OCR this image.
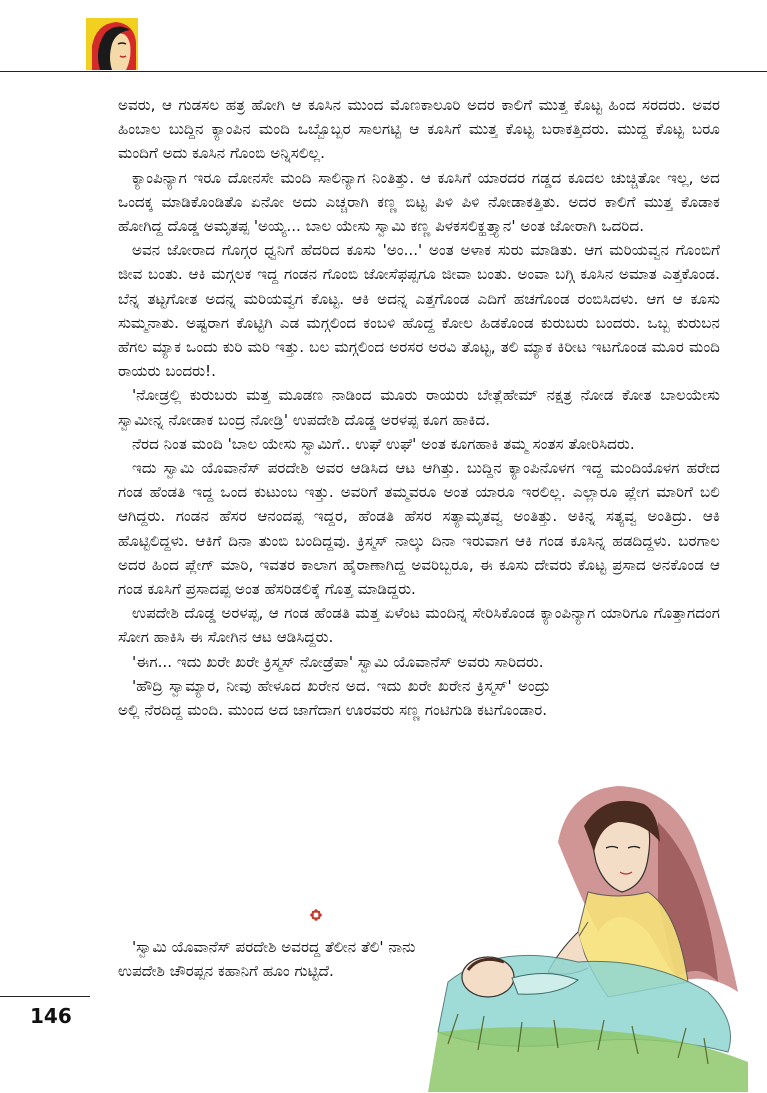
ಅವರು, ಆ ಗುಡಸಲ ಹತ್ರ ಹೋಗಿ ಆ ಕೂಸಿನ ಮುಂದ ಮೊಣಕಾಲೂರಿ ಅದರ ಕಾಲಿಗೆ ಮುತ್ತ ಕೊಟ್ಟ ಹಿಂದ ಸರದರು. ಅವರ ಹಿಂಬಾಲ ಬುದ್ದಿನ ಕ್ಯಾಂಪಿನ ಮಂದಿ ಒಬ್ಬೊಬ್ಬರ ಸಾಲಗಟ್ಟಿ ಆ ಕೂಸಿಗೆ ಮುತ್ತ ಕೊಟ್ಟ ಬರಾಕತ್ತಿದರು. ಮುದ್ದ ಕೊಟ್ಟ ಬರೂ ಮಂದಿಗೆ ಅದು ಕೂಸಿನ ಗೊಂಬಿ ಅನ್ನಿಸಲಿಲ್ಲ.

ಕ್ಯಾಂಪಿನ್ಯಾಗ ಇರೂ ದೋನಸೇ ಮಂದಿ ಸಾಲಿನ್ಯಾಗ ನಿಂತಿತ್ತು. ಆ ಕೂಸಿಗೆ ಯಾರದರ ಗಡ್ಡದ ಕೂದಲ ಚುಚ್ಚಿತೋ ಇಲ್ಲ, ಅದ ಒಂದಕ್ಕ ಮಾಡಿಕೊಂಡಿತೊ ಏನೋ ಅದು ಎಚ್ಚರಾಗಿ ಕಣ್ಣ ಬಿಟ್ಟ ಪಿಳಿ ಪಿಳಿ ನೋಡಾಕತ್ತಿತು. ಅದರ ಕಾಲಿಗೆ ಮುತ್ತ ಕೊಡಾಕ ಹೋಗಿದ್ದ ದೊಡ್ಡ ಅಮೃತಪ್ಪ 'ಅಯ್ಯ... ಬಾಲ ಯೇಸು ಸ್ವಾಮಿ ಕಣ್ಣ ಪಿಳಕಸಲಿಕ್ಹತ್ತ್ಯಾನ' ಅಂತ ಜೋರಾಗಿ ಒದರಿದ.

ಅವನ ಜೋರಾದ ಗೊಗ್ಗರ ಧ್ವನಿಗೆ ಹೆದರಿದ ಕೂಸು 'ಅಂ...' ಅಂತ ಅಳಾಕ ಸುರು ಮಾಡಿತು. ಆಗ ಮರಿಯವ್ವನ ಗೊಂಬಿಗೆ ಜೀವ ಬಂತು. ಆಕಿ ಮಗ್ಗಲಕ ಇದ್ದ ಗಂಡನ ಗೊಂಬಿ ಜೋಸೆಫಪ್ಪಗೂ ಜೀವಾ ಬಂತು. ಅಂವಾ ಬಗ್ಗಿ ಕೂಸಿನ ಅಮಾತ ಎತ್ತಕೊಂಡ. ಬೆನ್ನ ತಟ್ಟಗೋತ ಅದನ್ನ ಮರಿಯವ್ವಗ ಕೊಟ್ಟ. ಆಕಿ ಅದನ್ನ ಎತ್ತಗೊಂಡ ಎದಿಗೆ ಹಚಗೊಂಡ ರಂಬಿಸಿದಳು. ಆಗ ಆ ಕೂಸು ಸುಮ್ಮನಾತು. ಅಷ್ಟರಾಗ ಕೊಟ್ಟಿಗಿ ಎಡ ಮಗ್ಗಲಿಂದ ಕಂಬಳಿ ಹೊದ್ದ ಕೋಲ ಹಿಡಕೊಂಡ ಕುರುಬರು ಬಂದರು. ಒಬ್ಬ ಕುರುಬನ ಹೆಗಲ ಮ್ಯಾಕ ಒಂದು ಕುರಿ ಮರಿ ಇತ್ತು. ಬಲ ಮಗ್ಗಲಿಂದ ಅರಸರ ಅರವಿ ತೊಟ್ಟ, ತಲಿ ಮ್ಯಾಕ ಕಿರೀಟ ಇಟಗೊಂಡ ಮೂರ ಮಂದಿ ರಾಯರು ಬಂದರು!.

'ನೋಡ್ರಲ್ಲಿ ಕುರುಬರು ಮತ್ತ ಮೂಡಣ ನಾಡಿಂದ ಮೂರು ರಾಯರು ಬೇತ್ಲೆಹೇಮ್ ನಕ್ಷತ್ರ ನೋಡ ಕೋತ ಬಾಲಯೇಸು ಸ್ವಾಮೀನ್ನ ನೋಡಾಕ ಬಂದ್ರ ನೋಡ್ರಿ' ಉಪದೇಶಿ ದೊಡ್ಡ ಅರಳಪ್ಪ ಕೂಗ ಹಾಕಿದ.

ನೆರದ ನಿಂತ ಮಂದಿ 'ಬಾಲ ಯೇಸು ಸ್ವಾಮಿಗೆ.. ಉಘೆ ಉಘೆ' ಅಂತ ಕೂಗಹಾಕಿ ತಮ್ಮ ಸಂತಸ ತೋರಿಸಿದರು.

ಇದು ಸ್ವಾಮಿ ಯೊವಾನೆಸ್ ಪರದೇಶಿ ಅವರ ಆಡಿಸಿದ ಆಟ ಆಗಿತ್ತು. ಬುದ್ದಿನ ಕ್ಯಾಂಪಿನೊಳಗ ಇದ್ದ ಮಂದಿಯೊಳಗ ಹರೇದ ಗಂಡ ಹೆಂಡತಿ ಇದ್ದ ಒಂದ ಕುಟುಂಬ ಇತ್ತು. ಅವರಿಗೆ ತಮ್ಮವರೂ ಅಂತ ಯಾರೂ ಇರಲಿಲ್ಲ. ಎಲ್ಲಾರೂ ಪ್ಲೇಗ ಮಾರಿಗೆ ಬಲಿ ಆಗಿದ್ದರು. ಗಂಡನ ಹೆಸರ ಆನಂದಪ್ಪ ಇದ್ದರ, ಹೆಂಡತಿ ಹೆಸರ ಸತ್ಯಾಮೃತವ್ವ ಅಂತಿತ್ತು. ಅಕಿನ್ನ ಸತ್ಯವ್ವ ಅಂತಿದ್ರು. ಆಕಿ ಹೊಟ್ಟಿಲಿದ್ದಳು. ಆಕಿಗೆ ದಿನಾ ತುಂಬಿ ಬಂದಿದ್ದವು. ಕ್ರಿಸ್ಮಸ್ ನಾಲ್ಕು ದಿನಾ ಇರುವಾಗ ಆಕಿ ಗಂಡ ಕೂಸಿನ್ನ ಹಡದಿದ್ದಳು. ಬರಗಾಲ ಅದರ ಹಿಂದ ಪ್ಲೇಗ್ ಮಾರಿ, ಇವತರ ಕಾಲಾಗ ಹೈರಾಣಾಗಿದ್ದ ಅವರಿಬ್ಬರೂ, ಈ ಕೂಸು ದೇವರು ಕೊಟ್ಟ ಪ್ರಸಾದ ಅನಕೊಂಡ ಆ ಗಂಡ ಕೂಸಿಗೆ ಪ್ರಸಾದಪ್ಪ ಅಂತ ಹೆಸರಿಡಲಿಕ್ಕೆ ಗೊತ್ತ ಮಾಡಿದ್ದರು.

ಉಪದೇಶಿ ದೊಡ್ಡ ಅರಳಪ್ಪ, ಆ ಗಂಡ ಹೆಂಡತಿ ಮತ್ತ ಏಳೆಂಟ ಮಂದಿನ್ನ ಸೇರಿಸಿಕೊಂಡ ಕ್ಯಾಂಪಿನ್ಯಾಗ ಯಾರಿಗೂ ಗೊತ್ತಾಗದಂಗ ಸೋಗ ಹಾಕಿಸಿ ಈ ಸೋಗಿನ ಆಟ ಆಡಿಸಿದ್ದರು.

'ಈಗ... ಇದು ಖರೇ ಖರೇ ಕ್ರಿಸ್ಮಸ್ ನೋಡ್ರೆಪಾ' ಸ್ವಾಮಿ ಯೊವಾನೆಸ್ ಅವರು ಸಾರಿದರು.

'ಹೌದ್ರಿ ಸ್ವಾಮ್ಯಾರ, ನೀವು ಹೇಳೂದ ಖರೇನ ಅದ. ಇದು ಖರೇ ಖರೇನ ಕ್ರಿಸ್ಮಸ್' ಅಂದ್ರು ಅಲ್ಲಿ ನೆರದಿದ್ದ ಮಂದಿ. ಮುಂದ ಅದ ಜಾಗೆದಾಗ ಊರವರು ಸಣ್ಣ ಗಂಟಿಗುಡಿ ಕಟಗೊಂಡಾರ.

'ಸ್ವಾಮಿ ಯೊವಾನೆಸ್ ಪರದೇಶಿ ಅವರದ್ದ ತೆಲೀನ ತೆಲಿ' ನಾನು ಉಪದೇಶಿ ಚೌರಪ್ಪನ ಕಹಾನಿಗೆ ಹೂಂ ಗುಟ್ಟಿದೆ.

146
